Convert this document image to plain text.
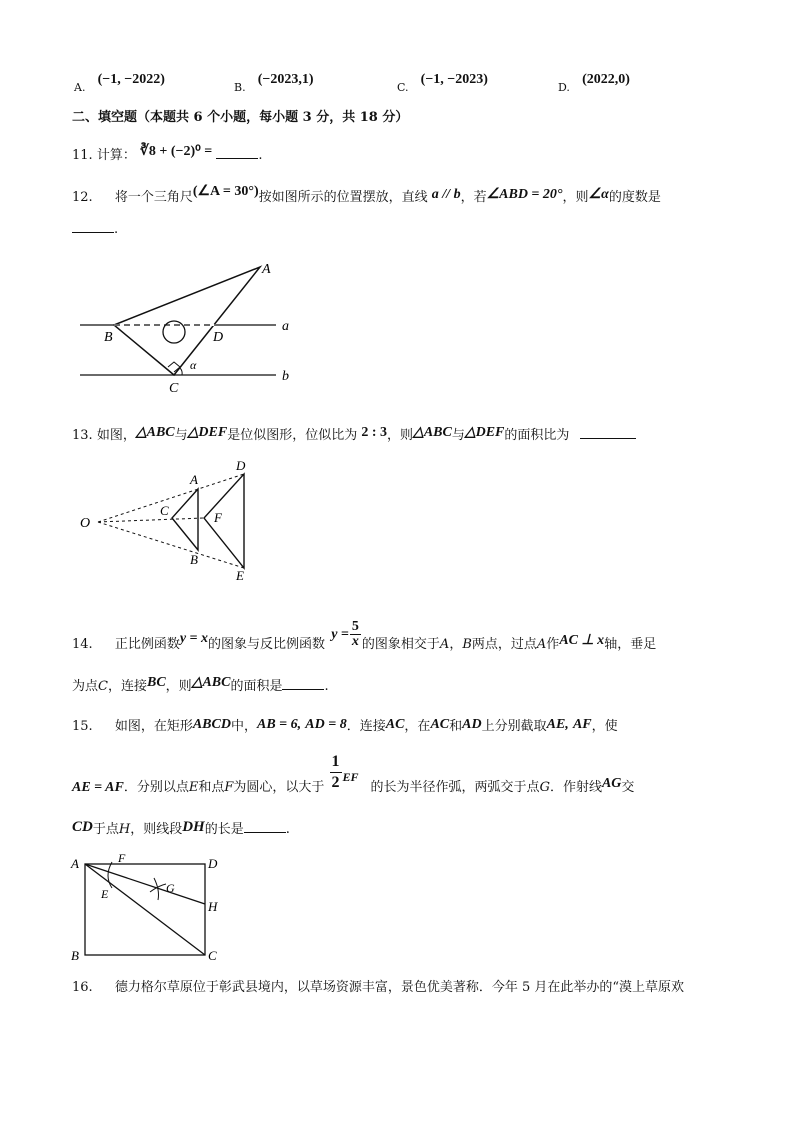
$_{A.}$ (−1, −2022)
$_{B.}$ (−2023,1)
$_{C.}$ (−1, −2023)
$_{D.}$ (2022,0)
二、填空题（本题共 6 个小题，每小题 3 分，共 18 分）
11. 计算： ∛8 + (−2)⁰ =	.
12. 将一个三角尺(∠A = 30°)按如图所示的位置摆放，直线 a // b，若∠ABD = 20°，则∠α的度数是
.
A
B
C
D
a
b
α
13. 如图，△ABC与△DEF是位似图形，位似比为 2 : 3，则△ABC与△DEF的面积比为
O
A
B
C
D
E
F
14. 正比例函数y = x的图象与反比例函数 $y = \frac{5}{x}$ 的图象相交于A，B两点，过点A作AC ⊥ x轴，垂足
为点C，连接BC，则△ABC的面积是	.
15. 如图，在矩形ABCD中，AB = 6, AD = 8．连接AC，在AC和AD上分别截取AE, AF，使
AE = AF．分别以点E和点F为圆心，以大于 $\frac{1}{2}$ EF的长为半径作弧，两弧交于点G．作射线AG交
CD于点H，则线段DH的长是	.
A
B	C
D
E
F
G
H
16. 德力格尔草原位于彰武县境内，以草场资源丰富，景色优美著称．今年 5 月在此举办的“漠上草原欢
